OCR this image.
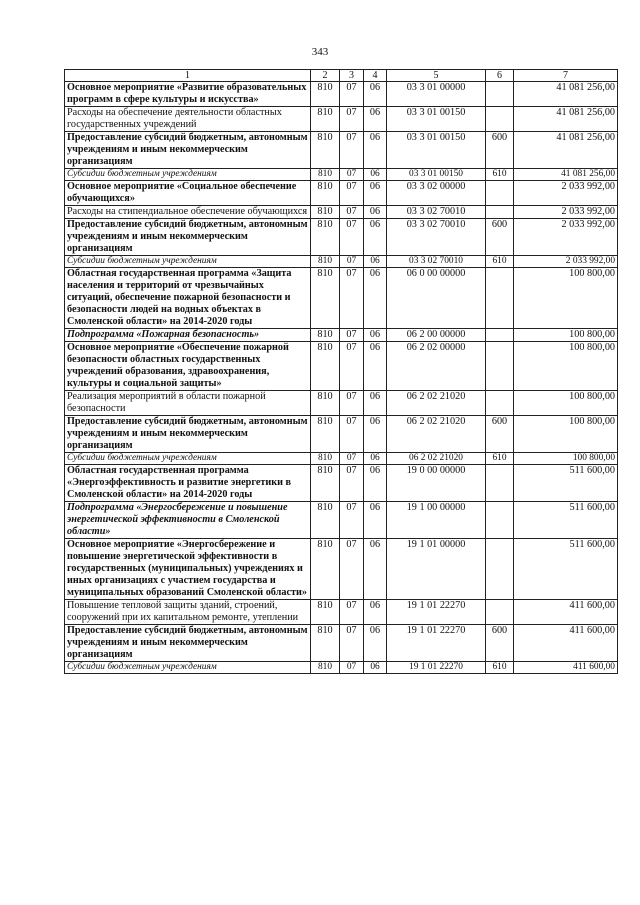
343
1	2	3	4	5	6	7
Основное мероприятие «Развитие образовательных программ в сфере культуры и искусства»	810	07	06	03 3 01 00000		41 081 256,00
Расходы на обеспечение деятельности областных государственных учреждений	810	07	06	03 3 01 00150		41 081 256,00
Предоставление субсидий бюджетным, автономным учреждениям и иным некоммерческим организациям	810	07	06	03 3 01 00150	600	41 081 256,00
Субсидии бюджетным учреждениям	810	07	06	03 3 01 00150	610	41 081 256,00
Основное мероприятие «Социальное обеспечение обучающихся»	810	07	06	03 3 02 00000		2 033 992,00
Расходы на стипендиальное обеспечение обучающихся	810	07	06	03 3 02 70010		2 033 992,00
Предоставление субсидий бюджетным, автономным учреждениям и иным некоммерческим организациям	810	07	06	03 3 02 70010	600	2 033 992,00
Субсидии бюджетным учреждениям	810	07	06	03 3 02 70010	610	2 033 992,00
Областная государственная программа «Защита населения и территорий от чрезвычайных ситуаций, обеспечение пожарной безопасности и безопасности людей на водных объектах в Смоленской области» на 2014-2020 годы	810	07	06	06 0 00 00000		100 800,00
Подпрограмма «Пожарная безопасность»	810	07	06	06 2 00 00000		100 800,00
Основное мероприятие «Обеспечение пожарной безопасности областных государственных учреждений образования, здравоохранения, культуры и социальной защиты»	810	07	06	06 2 02 00000		100 800,00
Реализация мероприятий в области пожарной безопасности	810	07	06	06 2 02 21020		100 800,00
Предоставление субсидий бюджетным, автономным учреждениям и иным некоммерческим организациям	810	07	06	06 2 02 21020	600	100 800,00
Субсидии бюджетным учреждениям	810	07	06	06 2 02 21020	610	100 800,00
Областная государственная программа «Энергоэффективность и развитие энергетики в Смоленской области» на 2014-2020 годы	810	07	06	19 0 00 00000		511 600,00
Подпрограмма «Энергосбережение и повышение энергетической эффективности в Смоленской области»	810	07	06	19 1 00 00000		511 600,00
Основное мероприятие «Энергосбережение и повышение энергетической эффективности в государственных (муниципальных) учреждениях и иных организациях с участием государства и муниципальных образований Смоленской области»	810	07	06	19 1 01 00000		511 600,00
Повышение тепловой защиты зданий, строений, сооружений при их капитальном ремонте, утеплении	810	07	06	19 1 01 22270		411 600,00
Предоставление субсидий бюджетным, автономным учреждениям и иным некоммерческим организациям	810	07	06	19 1 01 22270	600	411 600,00
Субсидии бюджетным учреждениям	810	07	06	19 1 01 22270	610	411 600,00
